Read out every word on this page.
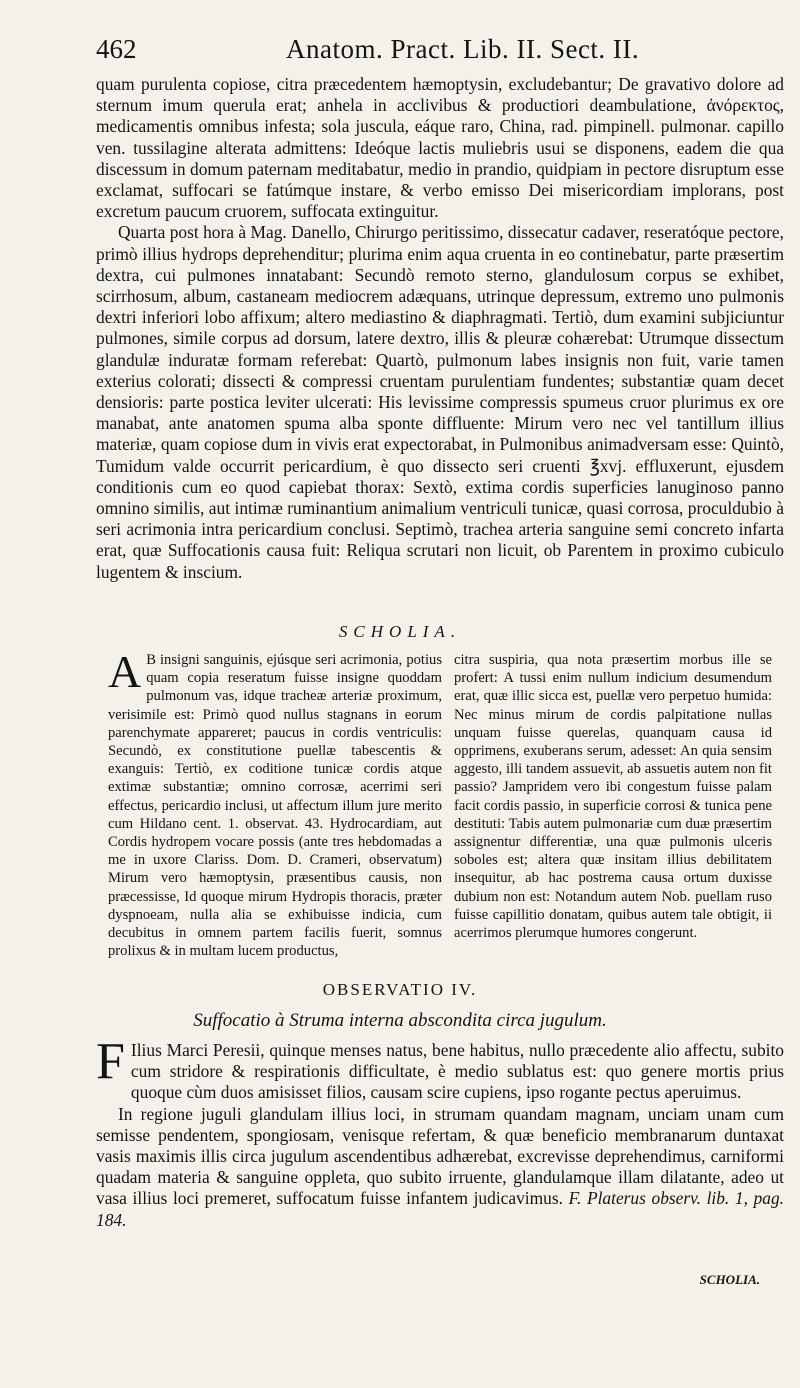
462	Anatom. Pract. Lib. II. Sect. II.

quam purulenta copiose, citra præcedentem hæmoptysin, excludebantur; De gravativo dolore ad sternum imum querula erat; anhela in acclivibus & productiori deambulatione, ἀνόρεκτος, medicamentis omnibus infesta; sola juscula, eáque raro, China, rad. pimpinell. pulmonar. capillo ven. tussilagine alterata admittens: Ideóque lactis muliebris usui se disponens, eadem die qua discessum in domum paternam meditabatur, medio in prandio, quidpiam in pectore disruptum esse exclamat, suffocari se fatúmque instare, & verbo emisso Dei misericordiam implorans, post excretum paucum cruorem, suffocata extinguitur.

Quarta post hora à Mag. Danello, Chirurgo peritissimo, dissecatur cadaver, reseratóque pectore, primò illius hydrops deprehenditur; plurima enim aqua cruenta in eo continebatur, parte præsertim dextra, cui pulmones innatabant: Secundò remoto sterno, glandulosum corpus se exhibet, scirrhosum, album, castaneam mediocrem adæquans, utrinque depressum, extremo uno pulmonis dextri inferiori lobo affixum; altero mediastino & diaphragmati. Tertiò, dum examini subjiciuntur pulmones, simile corpus ad dorsum, latere dextro, illis & pleuræ cohærebat: Utrumque dissectum glandulæ induratæ formam referebat: Quartò, pulmonum labes insignis non fuit, varie tamen exterius colorati; dissecti & compressi cruentam purulentiam fundentes; substantiæ quam decet densioris: parte postica leviter ulcerati: His levissime compressis spumeus cruor plurimus ex ore manabat, ante anatomen spuma alba sponte diffluente: Mirum vero nec vel tantillum illius materiæ, quam copiose dum in vivis erat expectorabat, in Pulmonibus animadversam esse: Quintò, Tumidum valde occurrit pericardium, è quo dissecto seri cruenti ℥xvj. effluxerunt, ejusdem conditionis cum eo quod capiebat thorax: Sextò, extima cordis superficies lanuginoso panno omnino similis, aut intimæ ruminantium animalium ventriculi tunicæ, quasi corrosa, proculdubio à seri acrimonia intra pericardium conclusi. Septimò, trachea arteria sanguine semi concreto infarta erat, quæ Suffocationis causa fuit: Reliqua scrutari non licuit, ob Parentem in proximo cubiculo lugentem & inscium.

SCHOLIA.

A B insigni sanguinis, ejúsque seri acrimonia, potius quam copia reseratum fuisse insigne quoddam pulmonum vas, idque tracheæ arteriæ proximum, verisimile est: Primò quod nullus stagnans in eorum parenchymate appareret; paucus in cordis ventriculis: Secundò, ex constitutione puellæ tabescentis & exanguis: Tertiò, ex coditione tunicæ cordis atque extimæ substantiæ; omnino corrosæ, acerrimi seri effectus, pericardio inclusi, ut affectum illum jure merito cum Hildano cent. 1. observat. 43. Hydrocardiam, aut Cordis hydropem vocare possis (ante tres hebdomadas a me in uxore Clariss. Dom. D. Crameri, observatum) Mirum vero hæmoptysin, præsentibus causis, non præcessisse, Id quoque mirum Hydropis thoracis, præter dyspnoeam, nulla alia se exhibuisse indicia, cum decubitus in omnem partem facilis fuerit, somnus prolixus & in multam lucem productus,

citra suspiria, qua nota præsertim morbus ille se profert: A tussi enim nullum indicium desumendum erat, quæ illic sicca est, puellæ vero perpetuo humida: Nec minus mirum de cordis palpitatione nullas unquam fuisse querelas, quanquam causa id opprimens, exuberans serum, adesset: An quia sensim aggesto, illi tandem assuevit, ab assuetis autem non fit passio? Jampridem vero ibi congestum fuisse palam facit cordis passio, in superficie corrosi & tunica pene destituti: Tabis autem pulmonariæ cum duæ præsertim assignentur differentiæ, una quæ pulmonis ulceris soboles est; altera quæ insitam illius debilitatem insequitur, ab hac postrema causa ortum duxisse dubium non est: Notandum autem Nob. puellam ruso fuisse capillitio donatam, quibus autem tale obtigit, ii acerrimos plerumque humores congerunt.

OBSERVATIO IV.
Suffocatio à Struma interna abscondita circa jugulum.

F Ilius Marci Peresii, quinque menses natus, bene habitus, nullo præcedente alio affectu, subito cum stridore & respirationis difficultate, è medio sublatus est: quo genere mortis prius quoque cùm duos amisisset filios, causam scire cupiens, ipso rogante pectus aperuimus.

In regione juguli glandulam illius loci, in strumam quandam magnam, unciam unam cum semisse pendentem, spongiosam, venisque refertam, & quæ beneficio membranarum duntaxat vasis maximis illis circa jugulum ascendentibus adhærebat, excrevisse deprehendimus, carniformi quadam materia & sanguine oppleta, quo subito irruente, glandulamque illam dilatante, adeo ut vasa illius loci premeret, suffocatum fuisse infantem judicavimus. F. Platerus observ. lib. 1, pag. 184.

SCHOLIA.
